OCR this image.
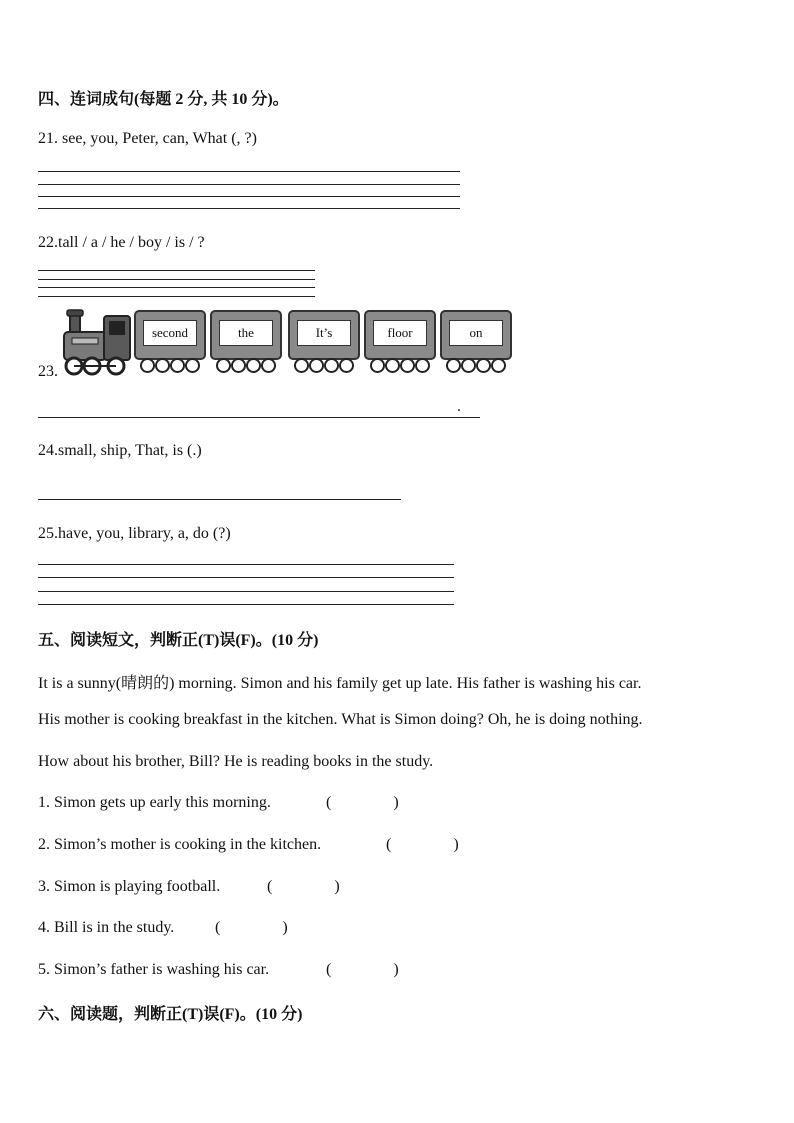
四、连词成句(每题 2 分, 共 10 分)。
21. see, you, Peter, can, What (, ?)
22.tall / a / he / boy / is / ?
23.
second	the	It’s	floor	on
.
24.small, ship, That, is (.)
25.have, you, library, a, do (?)
五、阅读短文，判断正(T)误(F)。(10 分)
It is a sunny(晴朗的) morning. Simon and his family get up late. His father is washing his car.
His mother is cooking breakfast in the kitchen. What is Simon doing? Oh, he is doing nothing.
How about his brother, Bill? He is reading books in the study.
1. Simon gets up early this morning.	(	)
2. Simon’s mother is cooking in the kitchen.	(	)
3. Simon is playing football.	(	)
4. Bill is in the study.	(	)
5. Simon’s father is washing his car.	(	)
六、阅读题，判断正(T)误(F)。(10 分)
